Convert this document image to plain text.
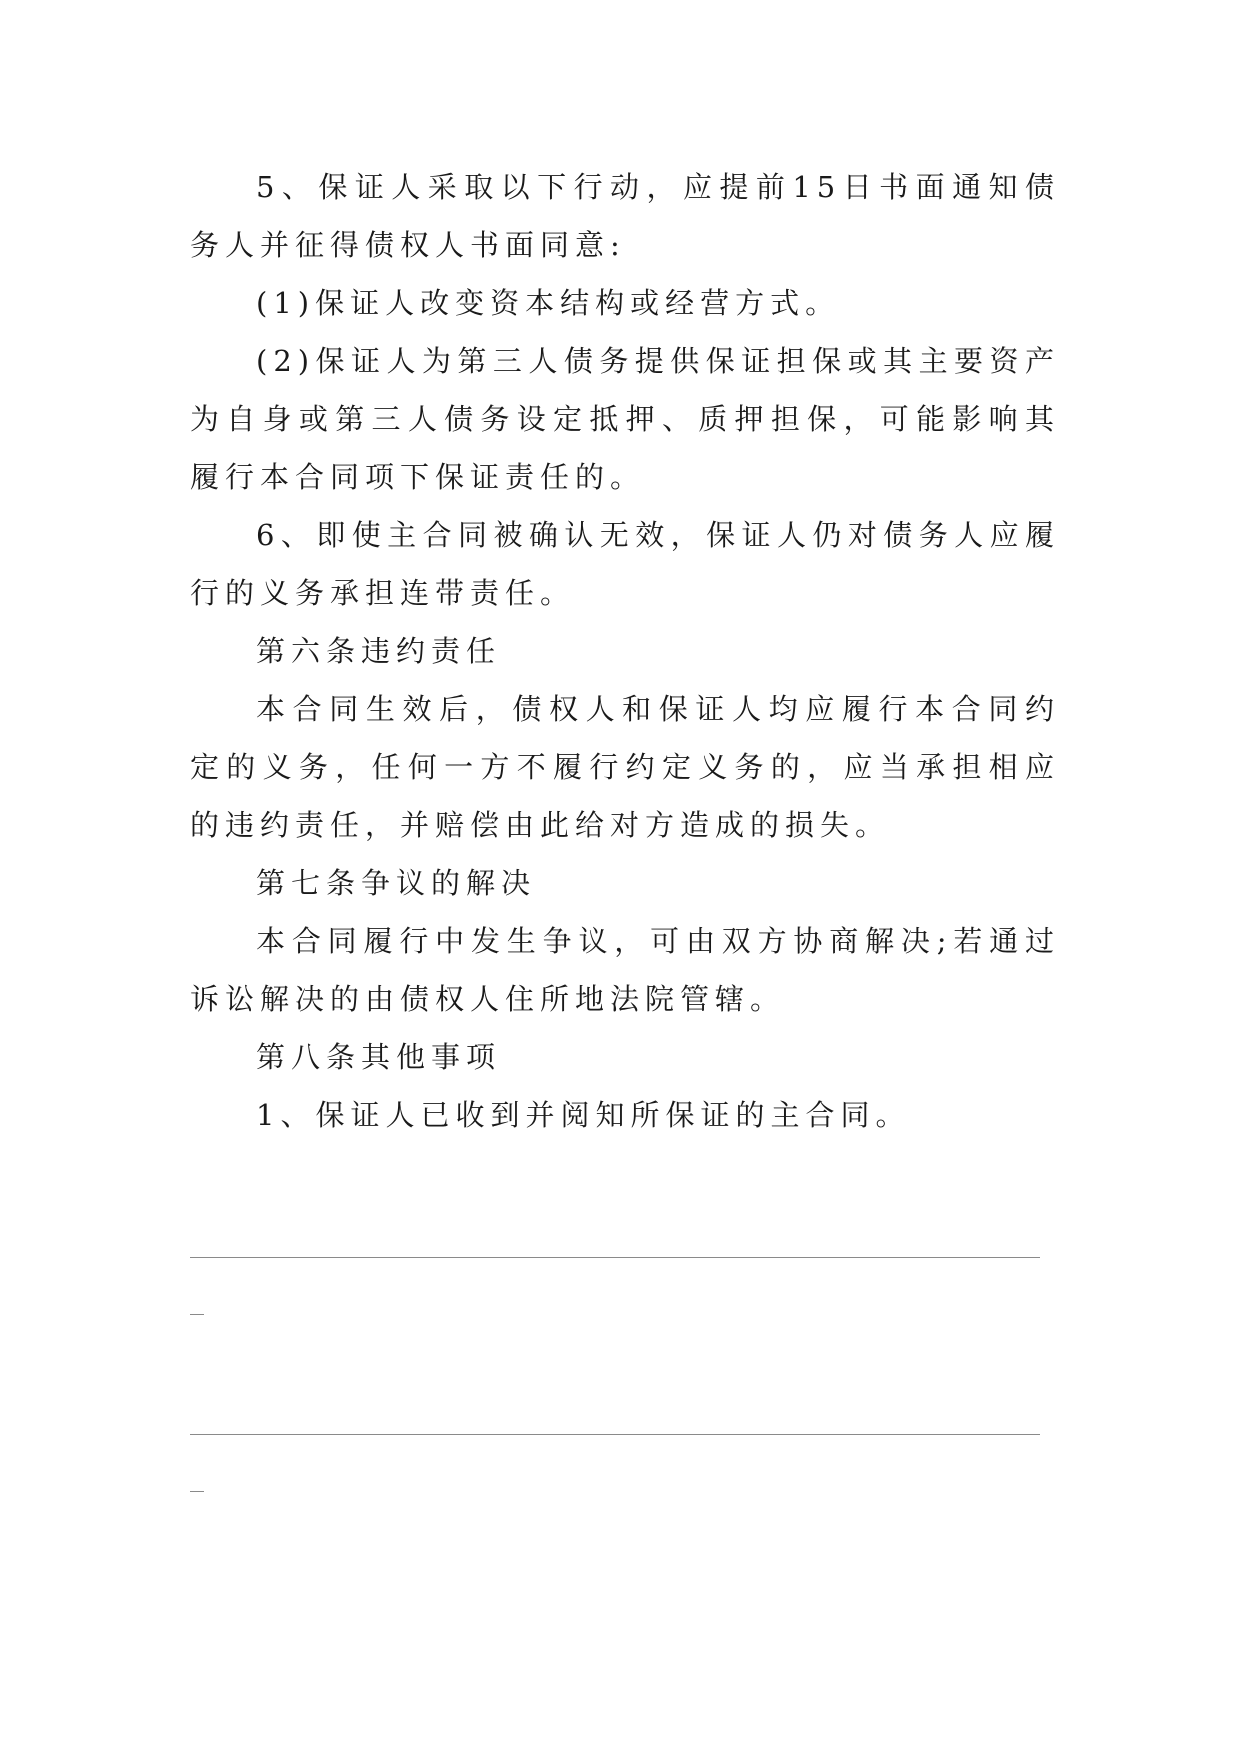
5、保证人采取以下行动，应提前15日书面通知债务人并征得债权人书面同意:

(1)保证人改变资本结构或经营方式。

(2)保证人为第三人债务提供保证担保或其主要资产为自身或第三人债务设定抵押、质押担保，可能影响其履行本合同项下保证责任的。

6、即使主合同被确认无效，保证人仍对债务人应履行的义务承担连带责任。

第六条违约责任

本合同生效后，债权人和保证人均应履行本合同约定的义务，任何一方不履行约定义务的，应当承担相应的违约责任，并赔偿由此给对方造成的损失。

第七条争议的解决

本合同履行中发生争议，可由双方协商解决;若通过诉讼解决的由债权人住所地法院管辖。

第八条其他事项

1、保证人已收到并阅知所保证的主合同。
